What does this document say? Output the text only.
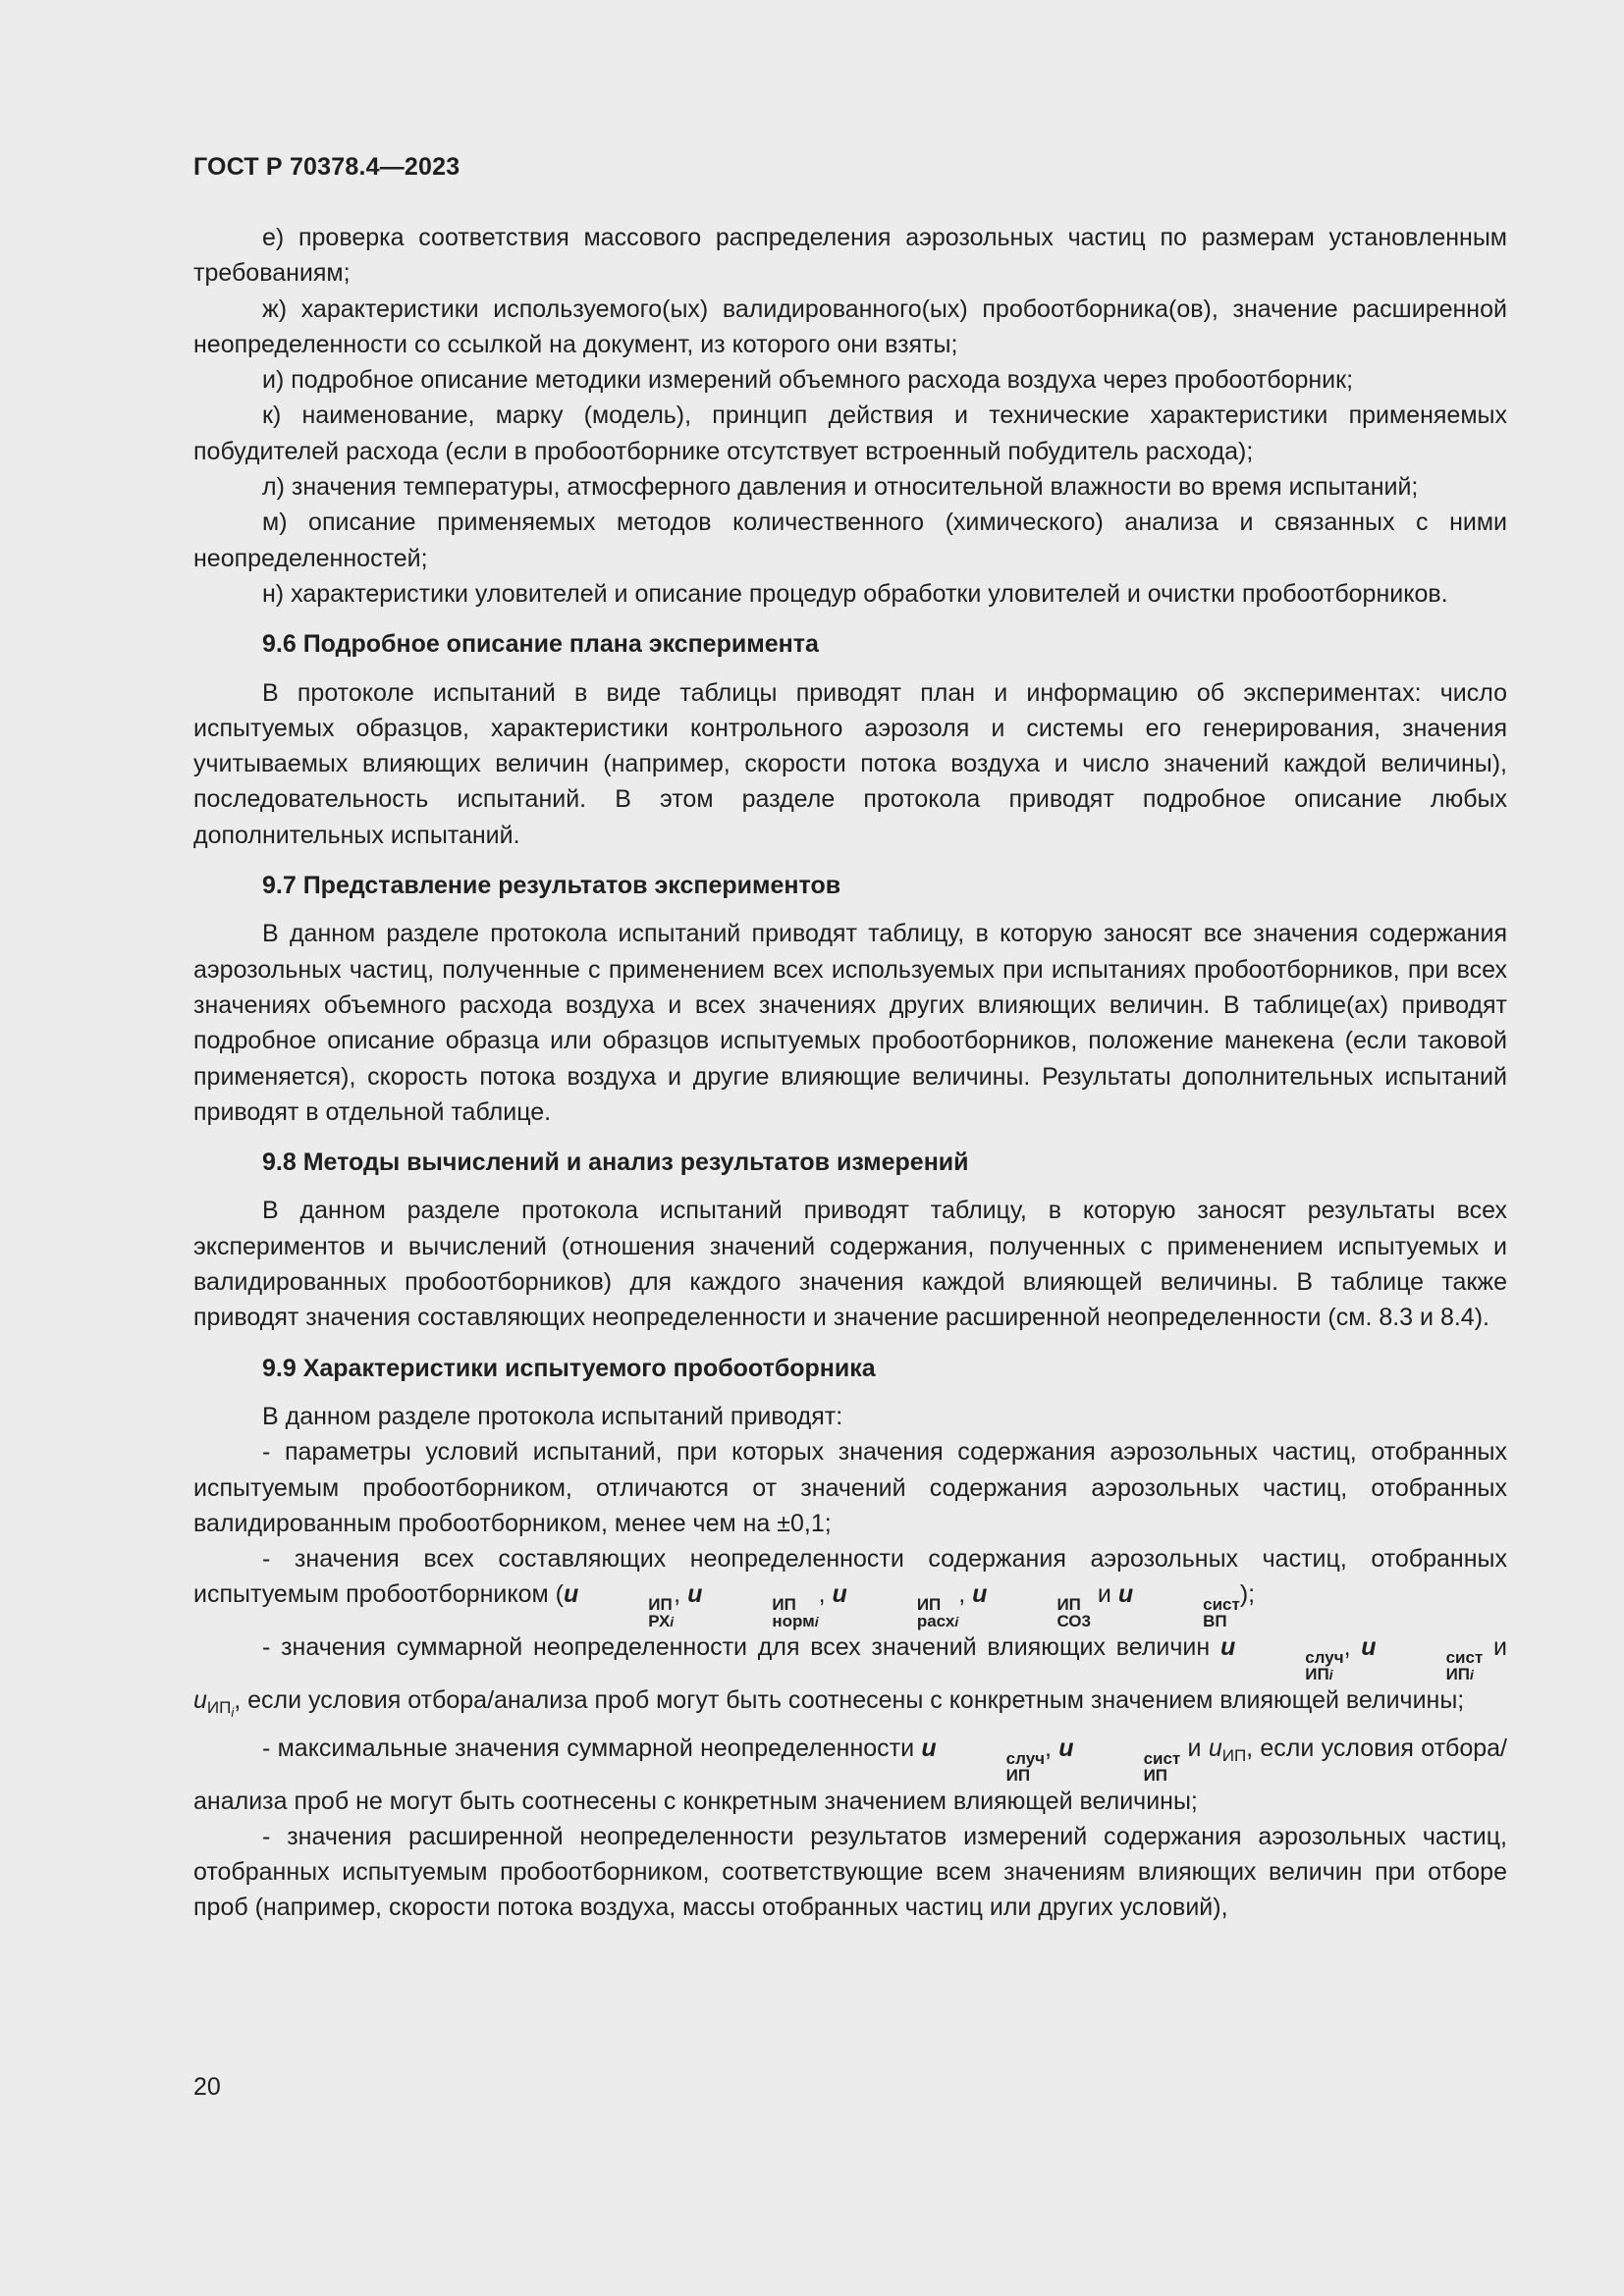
ГОСТ Р 70378.4—2023

е) проверка соответствия массового распределения аэрозольных частиц по размерам установленным требованиям;

ж) характеристики используемого(ых) валидированного(ых) пробоотборника(ов), значение расширенной неопределенности со ссылкой на документ, из которого они взяты;

и) подробное описание методики измерений объемного расхода воздуха через пробоотборник;

к) наименование, марку (модель), принцип действия и технические характеристики применяемых побудителей расхода (если в пробоотборнике отсутствует встроенный побудитель расхода);

л) значения температуры, атмосферного давления и относительной влажности во время испытаний;

м) описание применяемых методов количественного (химического) анализа и связанных с ними неопределенностей;

н) характеристики уловителей и описание процедур обработки уловителей и очистки пробоотборников.

9.6 Подробное описание плана эксперимента

В протоколе испытаний в виде таблицы приводят план и информацию об экспериментах: число испытуемых образцов, характеристики контрольного аэрозоля и системы его генерирования, значения учитываемых влияющих величин (например, скорости потока воздуха и число значений каждой величины), последовательность испытаний. В этом разделе протокола приводят подробное описание любых дополнительных испытаний.

9.7 Представление результатов экспериментов

В данном разделе протокола испытаний приводят таблицу, в которую заносят все значения содержания аэрозольных частиц, полученные с применением всех используемых при испытаниях пробоотборников, при всех значениях объемного расхода воздуха и всех значениях других влияющих величин. В таблице(ах) приводят подробное описание образца или образцов испытуемых пробоотборников, положение манекена (если таковой применяется), скорость потока воздуха и другие влияющие величины. Результаты дополнительных испытаний приводят в отдельной таблице.

9.8 Методы вычислений и анализ результатов измерений

В данном разделе протокола испытаний приводят таблицу, в которую заносят результаты всех экспериментов и вычислений (отношения значений содержания, полученных с применением испытуемых и валидированных пробоотборников) для каждого значения каждой влияющей величины. В таблице также приводят значения составляющих неопределенности и значение расширенной неопределенности (см. 8.3 и 8.4).

9.9 Характеристики испытуемого пробоотборника

В данном разделе протокола испытаний приводят:

- параметры условий испытаний, при которых значения содержания аэрозольных частиц, отобранных испытуемым пробоотборником, отличаются от значений содержания аэрозольных частиц, отобранных валидированным пробоотборником, менее чем на ±0,1;

- значения всех составляющих неопределенности содержания аэрозольных частиц, отобранных испытуемым пробоотборником (u	ИП
РХi
, u	ИП
нормi
, u	ИП
расхi
, u	ИП
СО3
и u	сист
ВП
);

- значения суммарной неопределенности для всех значений влияющих величин u	случ
ИПi
, u	сист
ИПi
и $u_{ИП_i}$, если условия отбора/анализа проб могут быть соотнесены с конкретным значением влияющей величины;

- максимальные значения суммарной неопределенности u	случ
ИП
, u	сист
ИП
и $u_{ИП}$, если условия отбора/анализа проб не могут быть соотнесены с конкретным значением влияющей величины;

- значения расширенной неопределенности результатов измерений содержания аэрозольных частиц, отобранных испытуемым пробоотборником, соответствующие всем значениям влияющих величин при отборе проб (например, скорости потока воздуха, массы отобранных частиц или других условий),

20
